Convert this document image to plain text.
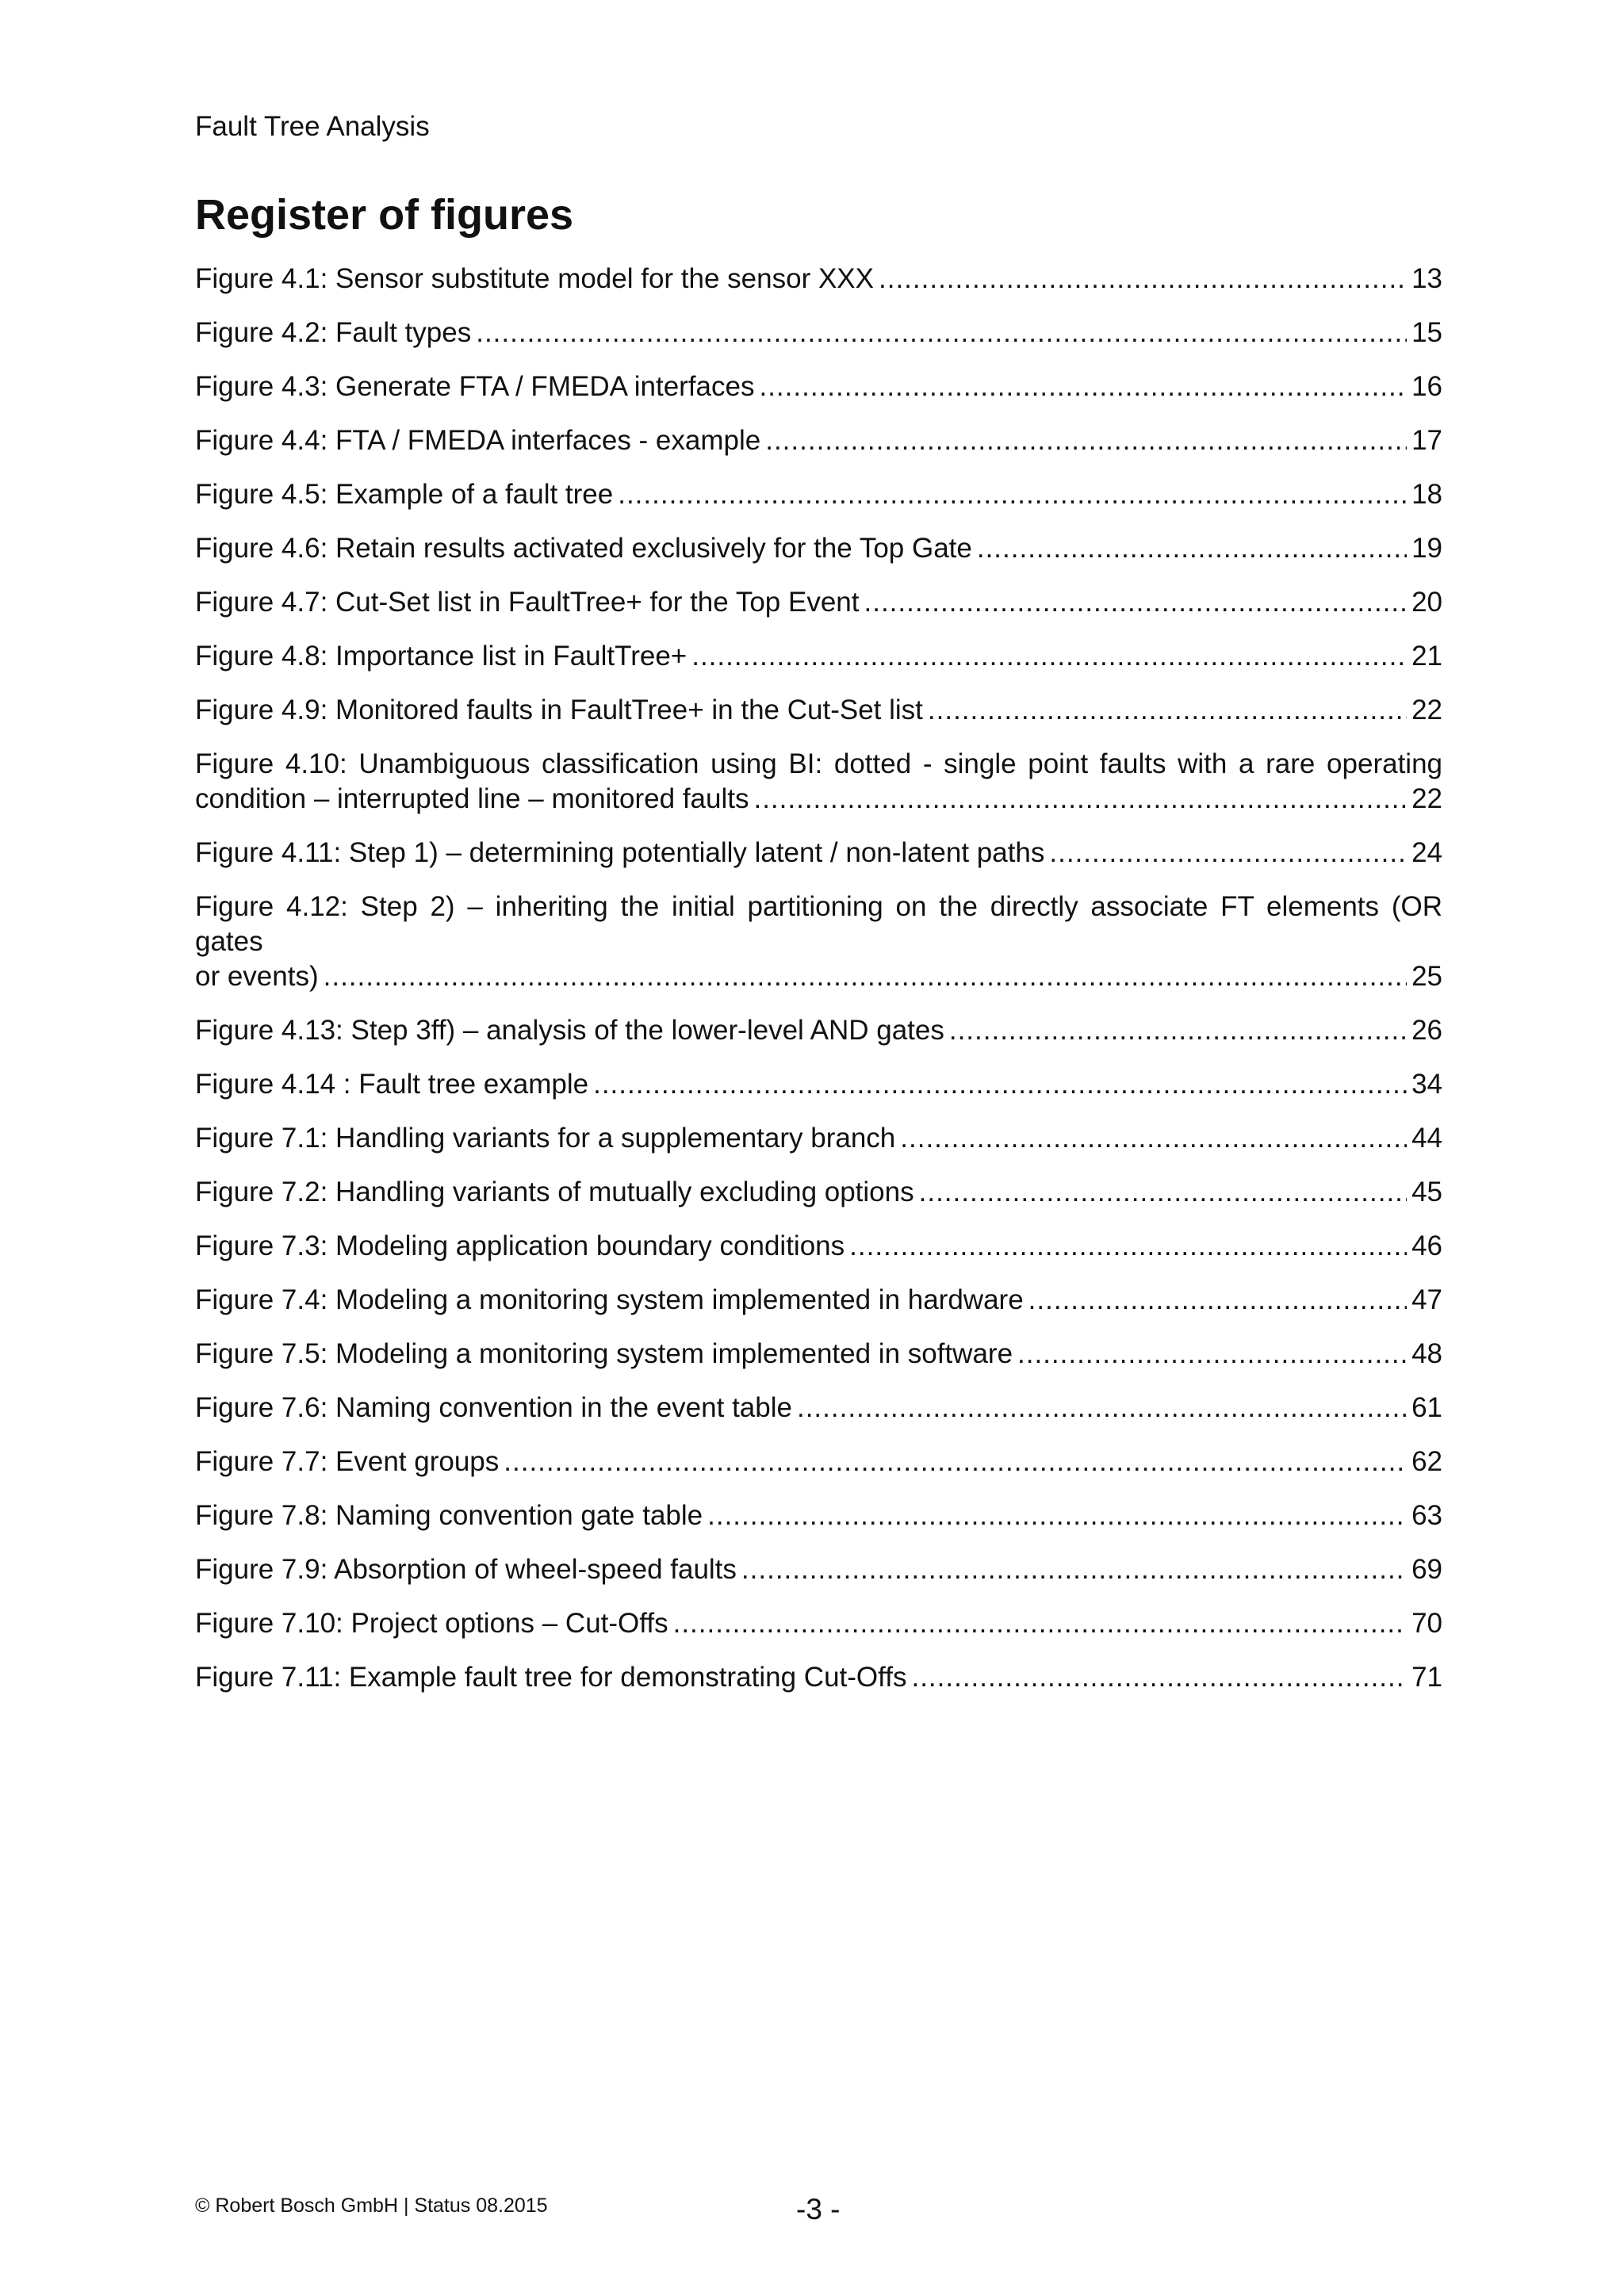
Fault Tree Analysis
Register of figures
Figure 4.1: Sensor substitute model for the sensor XXX .....	13
Figure 4.2: Fault types .....	15
Figure 4.3: Generate FTA / FMEDA interfaces .....	16
Figure 4.4: FTA / FMEDA interfaces - example .....	17
Figure 4.5: Example of a fault tree .....	18
Figure 4.6: Retain results activated exclusively for the Top Gate .....	19
Figure 4.7: Cut-Set list in FaultTree+ for the Top Event .....	20
Figure 4.8: Importance list in FaultTree+ .....	21
Figure 4.9: Monitored faults in FaultTree+ in the Cut-Set list .....	22
Figure 4.10: Unambiguous classification using BI: dotted - single point faults with a rare operating
condition – interrupted line – monitored faults .....	22
Figure 4.11: Step 1) – determining potentially latent / non-latent paths .....	24
Figure 4.12: Step 2) – inheriting the initial partitioning on the directly associate FT elements (OR gates
or events) .....	25
Figure 4.13: Step 3ff) – analysis of the lower-level AND gates .....	26
Figure 4.14 : Fault tree example .....	34
Figure 7.1: Handling variants for a supplementary branch .....	44
Figure 7.2: Handling variants of mutually excluding options .....	45
Figure 7.3: Modeling application boundary conditions .....	46
Figure 7.4: Modeling a monitoring system implemented in hardware .....	47
Figure 7.5: Modeling a monitoring system implemented in software .....	48
Figure 7.6: Naming convention in the event table .....	61
Figure 7.7: Event groups .....	62
Figure 7.8: Naming convention gate table .....	63
Figure 7.9: Absorption of wheel-speed faults .....	69
Figure 7.10: Project options – Cut-Offs .....	70
Figure 7.11: Example fault tree for demonstrating Cut-Offs .....	71
© Robert Bosch GmbH | Status 08.2015	-3 -
